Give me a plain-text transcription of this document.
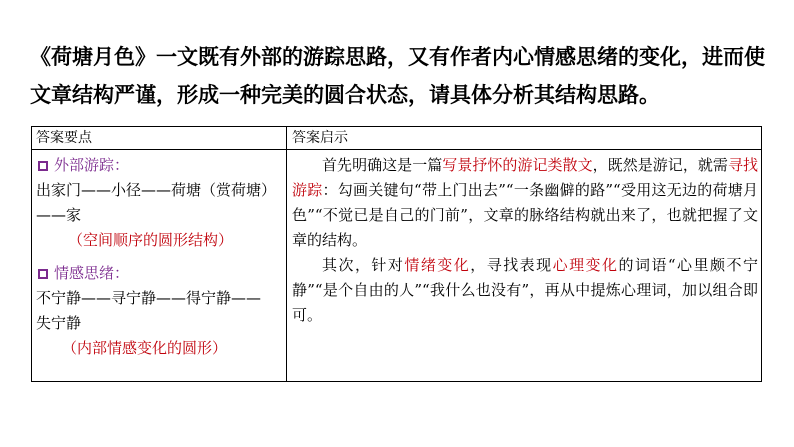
《荷塘月色》一文既有外部的游踪思路，又有作者内心情感思绪的变化，进而使
文章结构严谨，形成一种完美的圆合状态，请具体分析其结构思路。
答案要点	答案启示
外部游踪：
出家门——小径——荷塘（赏荷塘）
——家
（空间顺序的圆形结构）
情感思绪：
不宁静——寻宁静——得宁静——
失宁静
（内部情感变化的圆形）

首先明确这是一篇写景抒怀的游记类散文，既然是游记，就需寻找游踪：勾画关键句“带上门出去”“一条幽僻的路”“受用这无边的荷塘月色”“不觉已是自己的门前”，文章的脉络结构就出来了，也就把握了文章的结构。

其次，针对情绪变化，寻找表现心理变化的词语“心里颇不宁静”“是个自由的人”“我什么也没有”，再从中提炼心理词，加以组合即可。
